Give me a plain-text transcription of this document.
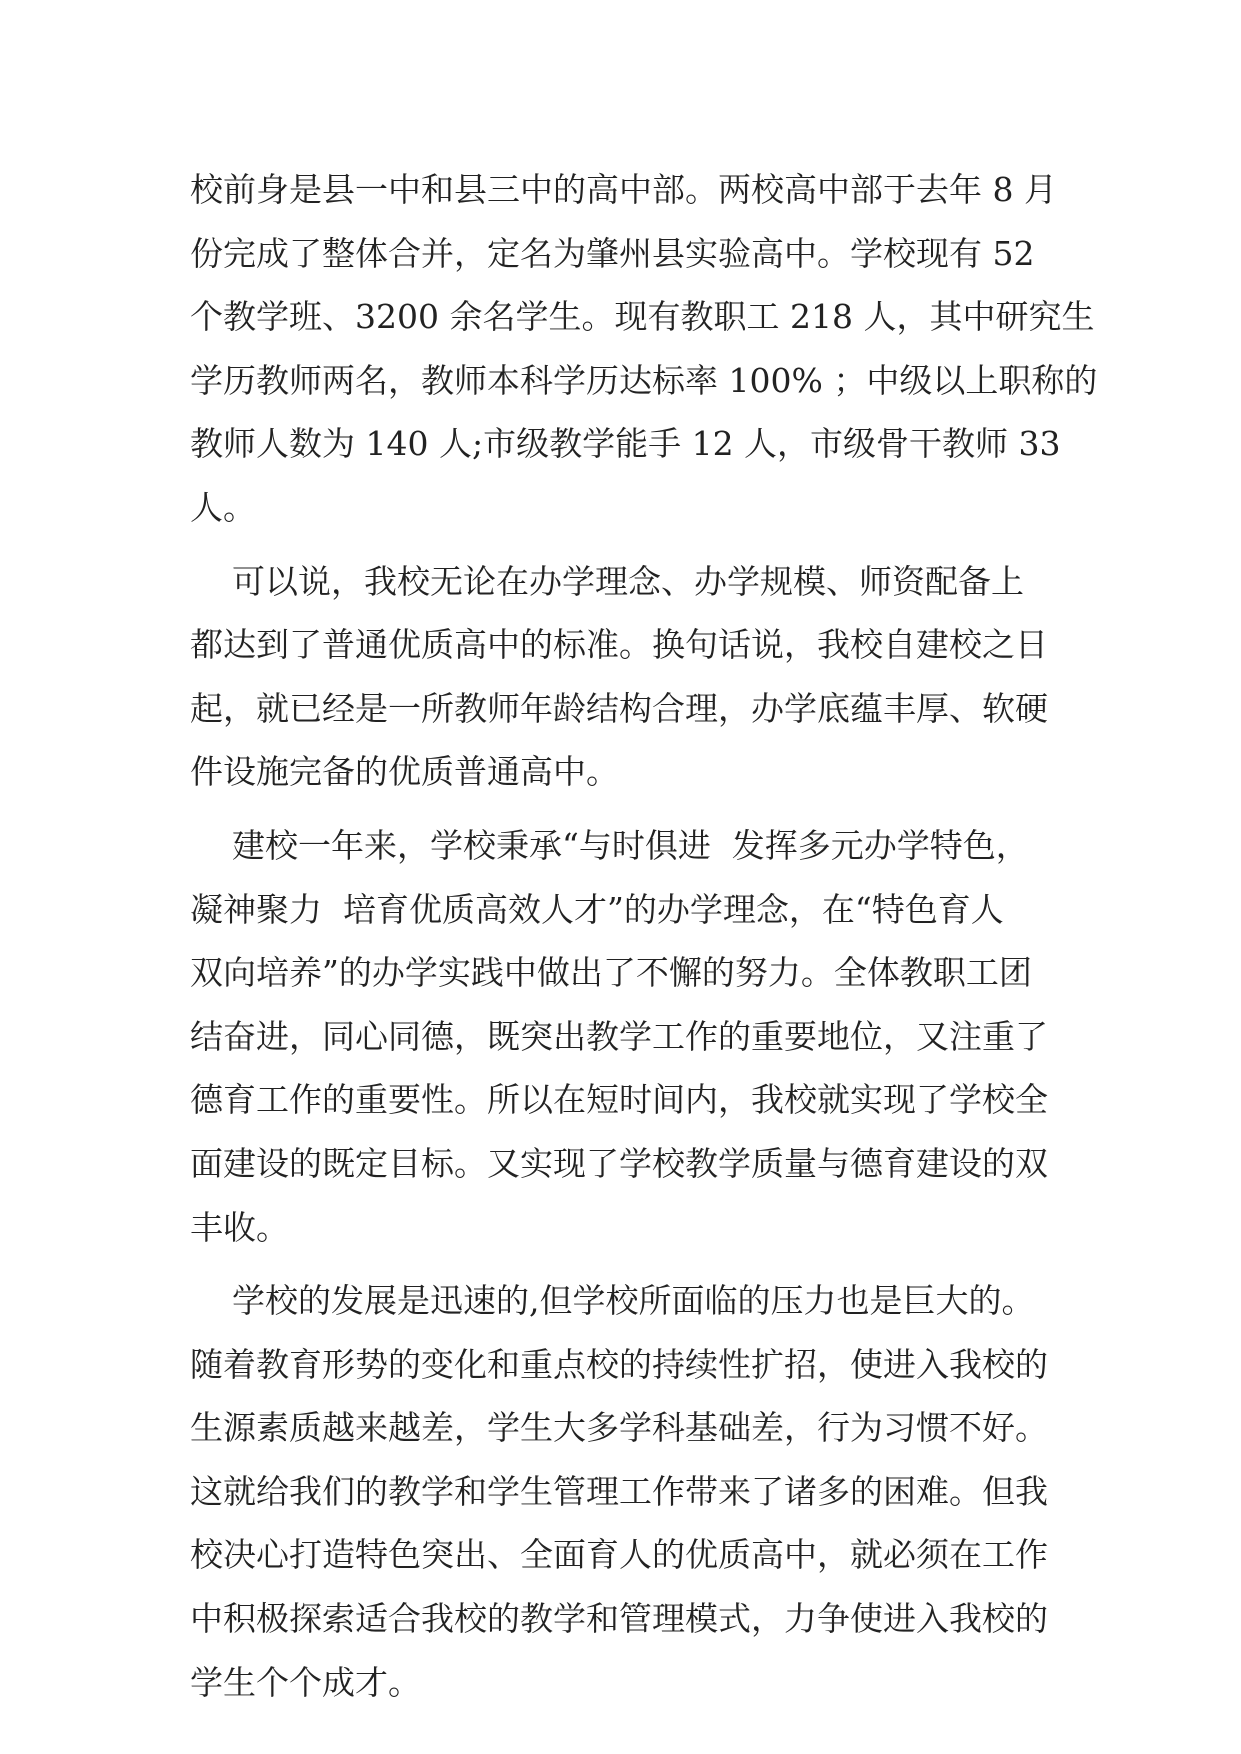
校前身是县一中和县三中的高中部。两校高中部于去年 8 月
份完成了整体合并，定名为肇州县实验高中。学校现有 52
个教学班、3200 余名学生。现有教职工 218 人，其中研究生
学历教师两名，教师本科学历达标率 100% ；中级以上职称的
教师人数为 140 人;市级教学能手 12 人，市级骨干教师 33
人。
可以说，我校无论在办学理念、办学规模、师资配备上
都达到了普通优质高中的标准。换句话说，我校自建校之日
起，就已经是一所教师年龄结构合理，办学底蕴丰厚、软硬
件设施完备的优质普通高中。
建校一年来，学校秉承“与时俱进  发挥多元办学特色，
凝神聚力  培育优质高效人才”的办学理念，在“特色育人
双向培养”的办学实践中做出了不懈的努力。全体教职工团
结奋进，同心同德，既突出教学工作的重要地位，又注重了
德育工作的重要性。所以在短时间内，我校就实现了学校全
面建设的既定目标。又实现了学校教学质量与德育建设的双
丰收。
学校的发展是迅速的,但学校所面临的压力也是巨大的。
随着教育形势的变化和重点校的持续性扩招，使进入我校的
生源素质越来越差，学生大多学科基础差，行为习惯不好。
这就给我们的教学和学生管理工作带来了诸多的困难。但我
校决心打造特色突出、全面育人的优质高中，就必须在工作
中积极探索适合我校的教学和管理模式，力争使进入我校的
学生个个成才。
